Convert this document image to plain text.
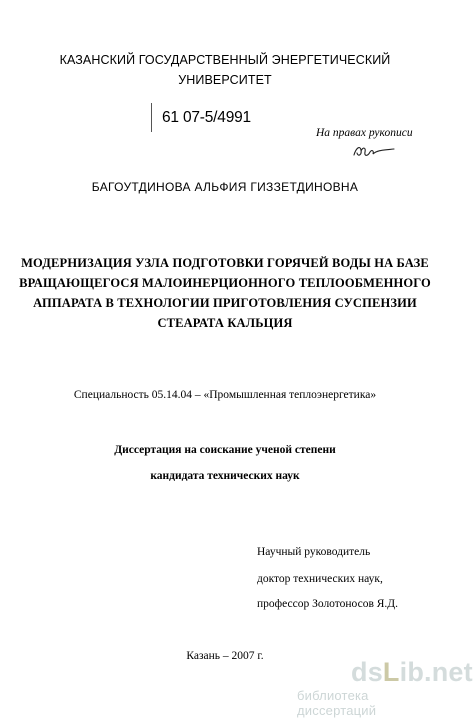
КАЗАНСКИЙ ГОСУДАРСТВЕННЫЙ ЭНЕРГЕТИЧЕСКИЙ
УНИВЕРСИТЕТ
61 07-5/4991
На правах рукописи
БАГОУТДИНОВА АЛЬФИЯ ГИЗЗЕТДИНОВНА
МОДЕРНИЗАЦИЯ УЗЛА ПОДГОТОВКИ ГОРЯЧЕЙ ВОДЫ НА БАЗЕ
ВРАЩАЮЩЕГОСЯ МАЛОИНЕРЦИОННОГО ТЕПЛООБМЕННОГО
АППАРАТА В ТЕХНОЛОГИИ ПРИГОТОВЛЕНИЯ СУСПЕНЗИИ
СТЕАРАТА КАЛЬЦИЯ
Специальность 05.14.04 – «Промышленная теплоэнергетика»
Диссертация на соискание ученой степени
кандидата технических наук
Научный руководитель
доктор технических наук,
профессор Золотоносов Я.Д.
Казань – 2007 г.
dsLib.net
библиотека диссертаций
